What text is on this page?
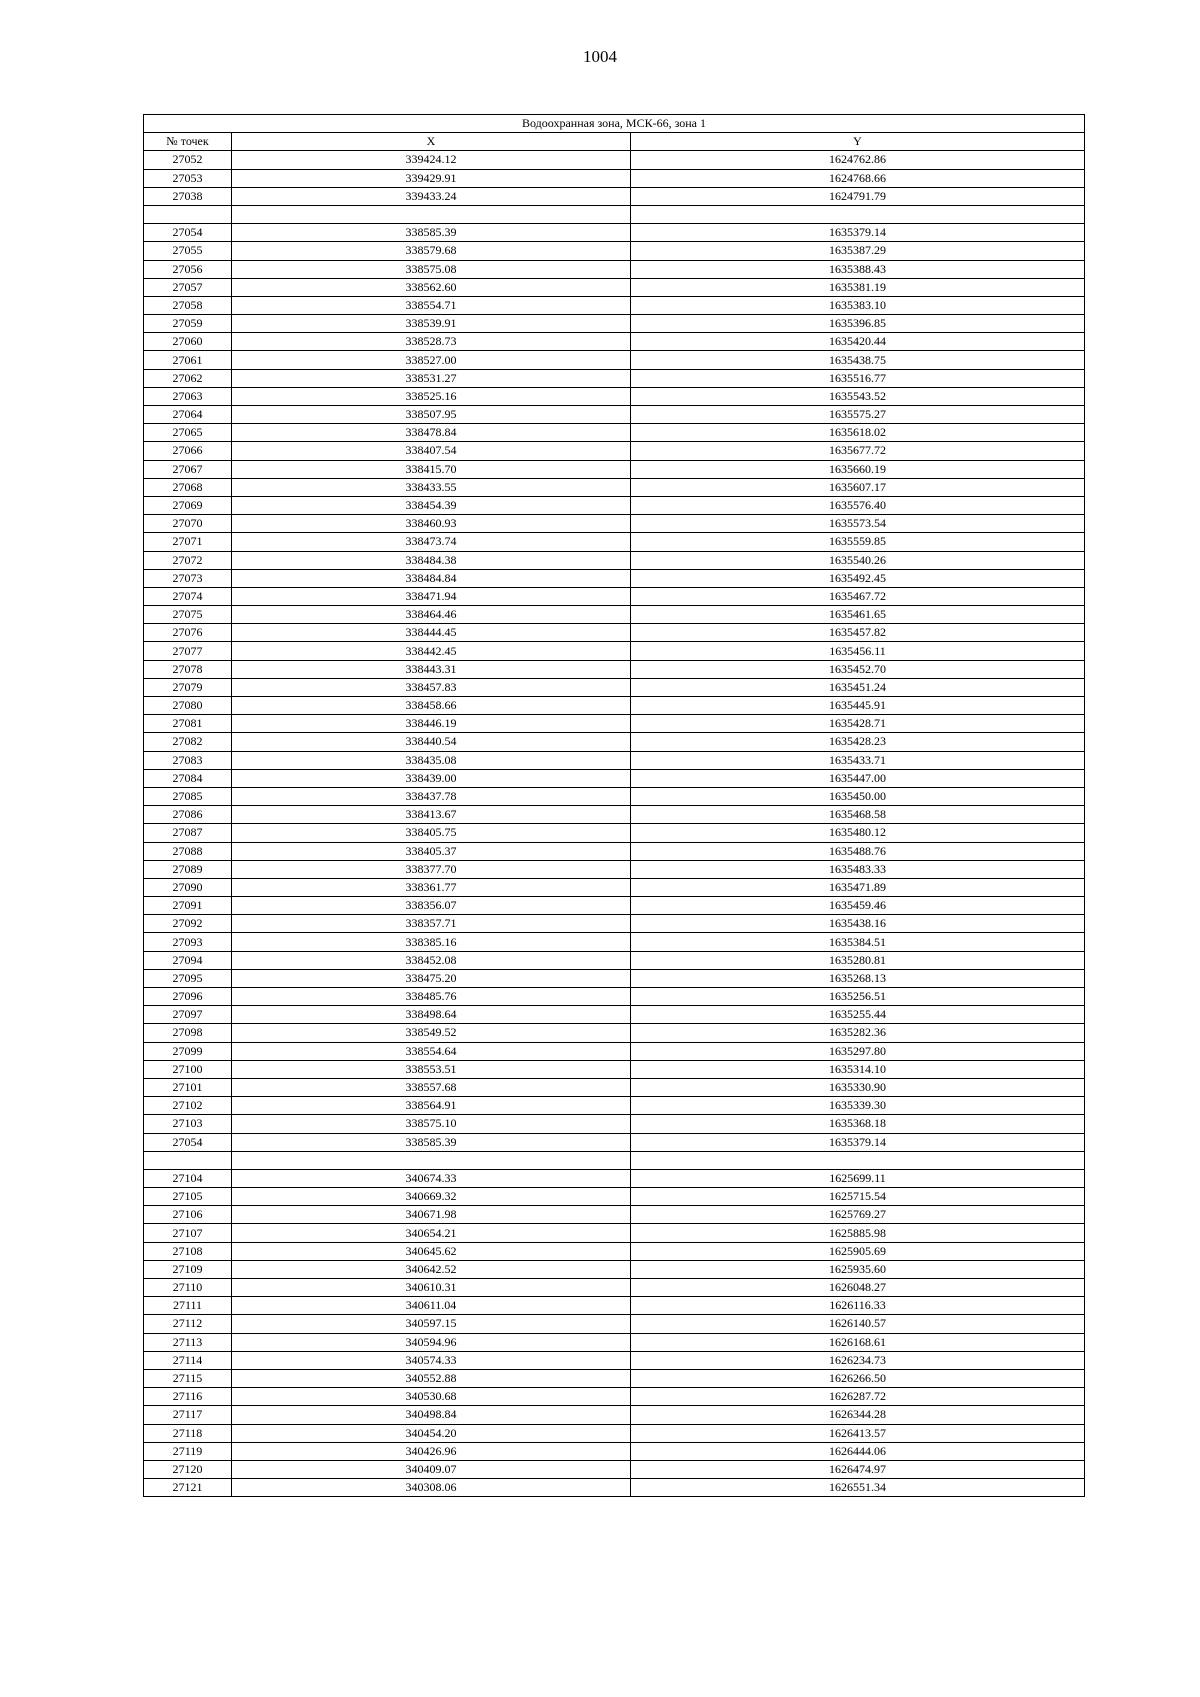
1004
Водоохранная зона, МСК-66, зона 1		
№ точек	X	Y
27052	339424.12	1624762.86
27053	339429.91	1624768.66
27038	339433.24	1624791.79

27054	338585.39	1635379.14
27055	338579.68	1635387.29
27056	338575.08	1635388.43
27057	338562.60	1635381.19
27058	338554.71	1635383.10
27059	338539.91	1635396.85
27060	338528.73	1635420.44
27061	338527.00	1635438.75
27062	338531.27	1635516.77
27063	338525.16	1635543.52
27064	338507.95	1635575.27
27065	338478.84	1635618.02
27066	338407.54	1635677.72
27067	338415.70	1635660.19
27068	338433.55	1635607.17
27069	338454.39	1635576.40
27070	338460.93	1635573.54
27071	338473.74	1635559.85
27072	338484.38	1635540.26
27073	338484.84	1635492.45
27074	338471.94	1635467.72
27075	338464.46	1635461.65
27076	338444.45	1635457.82
27077	338442.45	1635456.11
27078	338443.31	1635452.70
27079	338457.83	1635451.24
27080	338458.66	1635445.91
27081	338446.19	1635428.71
27082	338440.54	1635428.23
27083	338435.08	1635433.71
27084	338439.00	1635447.00
27085	338437.78	1635450.00
27086	338413.67	1635468.58
27087	338405.75	1635480.12
27088	338405.37	1635488.76
27089	338377.70	1635483.33
27090	338361.77	1635471.89
27091	338356.07	1635459.46
27092	338357.71	1635438.16
27093	338385.16	1635384.51
27094	338452.08	1635280.81
27095	338475.20	1635268.13
27096	338485.76	1635256.51
27097	338498.64	1635255.44
27098	338549.52	1635282.36
27099	338554.64	1635297.80
27100	338553.51	1635314.10
27101	338557.68	1635330.90
27102	338564.91	1635339.30
27103	338575.10	1635368.18
27054	338585.39	1635379.14

27104	340674.33	1625699.11
27105	340669.32	1625715.54
27106	340671.98	1625769.27
27107	340654.21	1625885.98
27108	340645.62	1625905.69
27109	340642.52	1625935.60
27110	340610.31	1626048.27
27111	340611.04	1626116.33
27112	340597.15	1626140.57
27113	340594.96	1626168.61
27114	340574.33	1626234.73
27115	340552.88	1626266.50
27116	340530.68	1626287.72
27117	340498.84	1626344.28
27118	340454.20	1626413.57
27119	340426.96	1626444.06
27120	340409.07	1626474.97
27121	340308.06	1626551.34
